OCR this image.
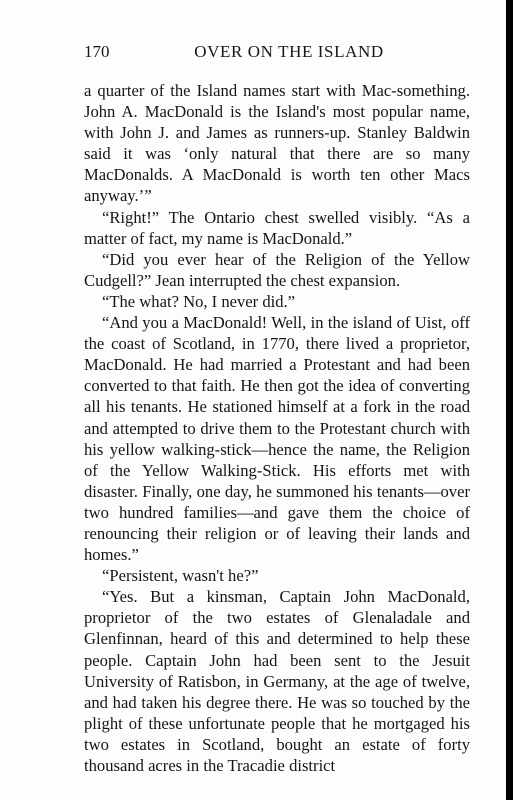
170	OVER ON THE ISLAND

a quarter of the Island names start with Mac-something. John A. MacDonald is the Island's most popular name, with John J. and James as runners-up. Stanley Baldwin said it was ‘only natural that there are so many MacDonalds. A MacDonald is worth ten other Macs anyway.’”

“Right!” The Ontario chest swelled visibly. “As a matter of fact, my name is MacDonald.”

“Did you ever hear of the Religion of the Yellow Cudgell?” Jean interrupted the chest expansion.

“The what? No, I never did.”

“And you a MacDonald! Well, in the island of Uist, off the coast of Scotland, in 1770, there lived a proprietor, MacDonald. He had married a Protestant and had been converted to that faith. He then got the idea of converting all his tenants. He stationed himself at a fork in the road and attempted to drive them to the Protestant church with his yellow walking-stick—hence the name, the Religion of the Yellow Walking-Stick. His efforts met with disaster. Finally, one day, he summoned his tenants—over two hundred families—and gave them the choice of renouncing their religion or of leaving their lands and homes.”

“Persistent, wasn't he?”

“Yes. But a kinsman, Captain John MacDonald, proprietor of the two estates of Glenaladale and Glenfinnan, heard of this and determined to help these people. Captain John had been sent to the Jesuit University of Ratisbon, in Germany, at the age of twelve, and had taken his degree there. He was so touched by the plight of these unfortunate people that he mortgaged his two estates in Scotland, bought an estate of forty thousand acres in the Tracadie district
